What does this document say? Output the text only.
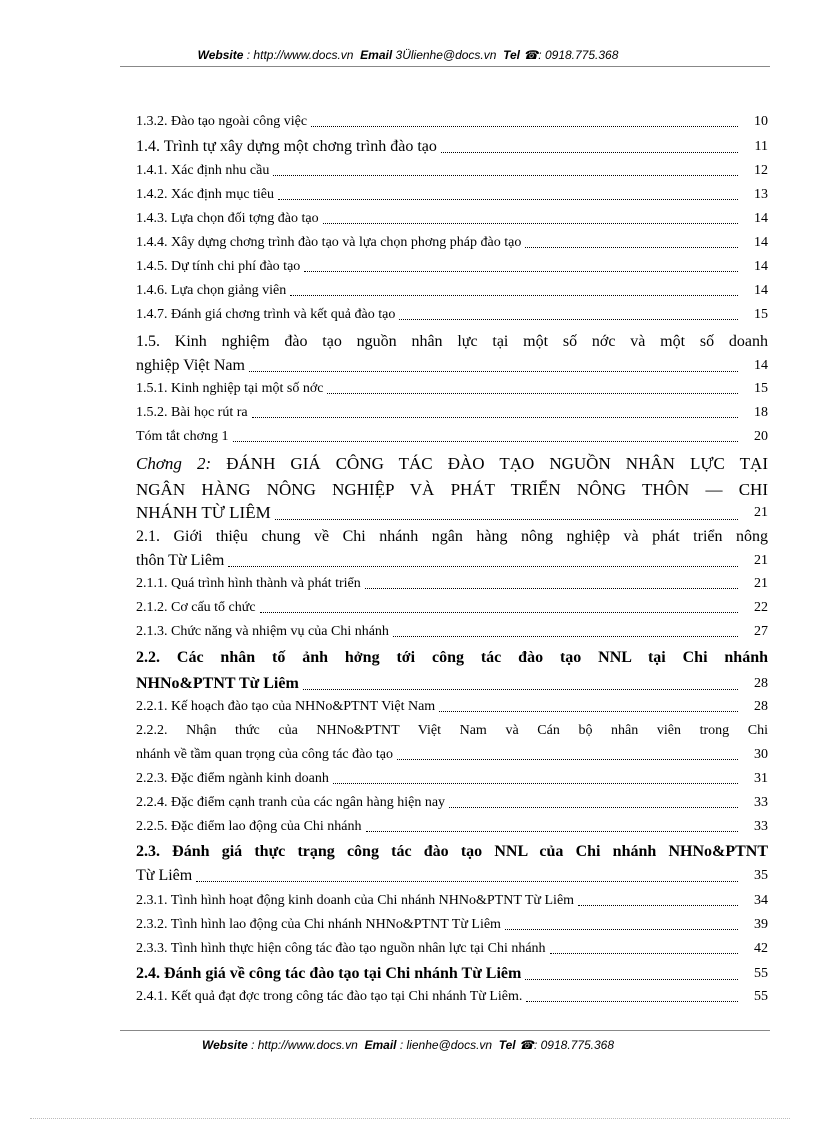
Website : http://www.docs.vn Email 3Ülienhe@docs.vn Tel ☎: 0918.775.368
1.3.2. Đào tạo ngoài công việc	10
1.4. Trình tự xây dựng một chơng trình đào tạo	11
1.4.1. Xác định nhu cầu	12
1.4.2. Xác định mục tiêu	13
1.4.3. Lựa chọn đối tợng đào tạo	14
1.4.4. Xây dựng chơng trình đào tạo và lựa chọn phơng pháp đào tạo	14
1.4.5. Dự tính chi phí đào tạo	14
1.4.6. Lựa chọn giảng viên	14
1.4.7. Đánh giá chơng trình và kết quả đào tạo	15
1.5. Kinh nghiệm đào tạo nguồn nhân lực tại một số nớc và một số doanh
nghiệp Việt Nam	14
1.5.1. Kinh nghiệp tại một số nớc	15
1.5.2. Bài học rút ra	18
Tóm tắt chơng 1	20
Chơng 2: ĐÁNH GIÁ CÔNG TÁC ĐÀO TẠO NGUỒN NHÂN LỰC TẠI
NGÂN HÀNG NÔNG NGHIỆP VÀ PHÁT TRIỂN NÔNG THÔN — CHI
NHÁNH TỪ LIÊM	21
2.1. Giới thiệu chung về Chi nhánh ngân hàng nông nghiệp và phát triển nông
thôn Từ Liêm	21
2.1.1. Quá trình hình thành và phát triển	21
2.1.2. Cơ cấu tổ chức	22
2.1.3. Chức năng và nhiệm vụ của Chi nhánh	27
2.2. Các nhân tố ảnh hởng tới công tác đào tạo NNL tại Chi nhánh
NHNo&PTNT Từ Liêm	28
2.2.1. Kế hoạch đào tạo của NHNo&PTNT Việt Nam	28
2.2.2. Nhận thức của NHNo&PTNT Việt Nam và Cán bộ nhân viên trong Chi
nhánh về tầm quan trọng của công tác đào tạo	30
2.2.3. Đặc điểm ngành kinh doanh	31
2.2.4. Đặc điểm cạnh tranh của các ngân hàng hiện nay	33
2.2.5. Đặc điểm lao động của Chi nhánh	33
2.3. Đánh giá thực trạng công tác đào tạo NNL của Chi nhánh NHNo&PTNT
Từ Liêm	35
2.3.1. Tình hình hoạt động kinh doanh của Chi nhánh NHNo&PTNT Từ Liêm	34
2.3.2. Tình hình lao động của Chi nhánh NHNo&PTNT Từ Liêm	39
2.3.3. Tình hình thực hiện công tác đào tạo nguồn nhân lực tại Chi nhánh	42
2.4. Đánh giá về công tác đào tạo tại Chi nhánh Từ Liêm	55
2.4.1. Kết quả đạt đợc trong công tác đào tạo tại Chi nhánh Từ Liêm.	55
Website : http://www.docs.vn Email : lienhe@docs.vn Tel ☎: 0918.775.368
